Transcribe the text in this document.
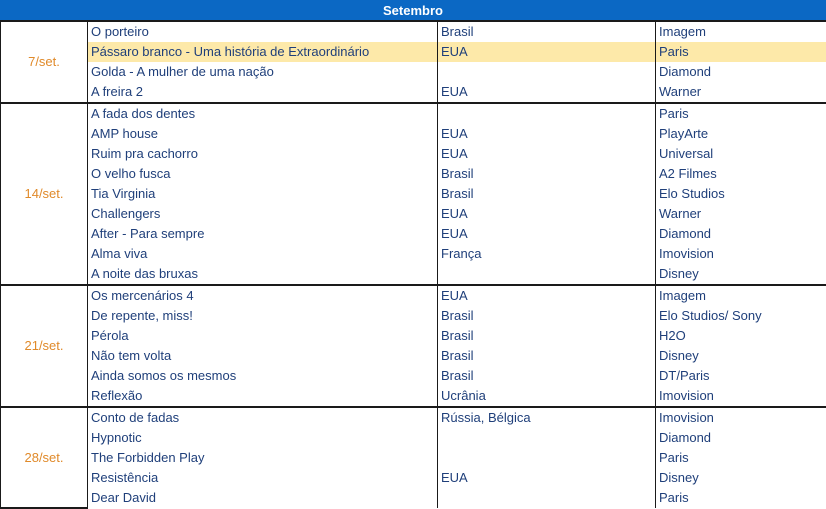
Setembro
7/set.	O porteiro	Brasil	Imagem
	Pássaro branco - Uma história de Extraordinário	EUA	Paris
	Golda - A mulher de uma nação		Diamond
	A freira 2	EUA	Warner
14/set.	A fada dos dentes		Paris
	AMP house	EUA	PlayArte
	Ruim pra cachorro	EUA	Universal
	O velho fusca	Brasil	A2 Filmes
	Tia Virginia	Brasil	Elo Studios
	Challengers	EUA	Warner
	After - Para sempre	EUA	Diamond
	Alma viva	França	Imovision
	A noite das bruxas		Disney
21/set.	Os mercenários 4	EUA	Imagem
	De repente, miss!	Brasil	Elo Studios/ Sony
	Pérola	Brasil	H2O
	Não tem volta	Brasil	Disney
	Ainda somos os mesmos	Brasil	DT/Paris
	Reflexão	Ucrânia	Imovision
28/set.	Conto de fadas	Rússia, Bélgica	Imovision
	Hypnotic		Diamond
	The Forbidden Play		Paris
	Resistência	EUA	Disney
	Dear David		Paris
